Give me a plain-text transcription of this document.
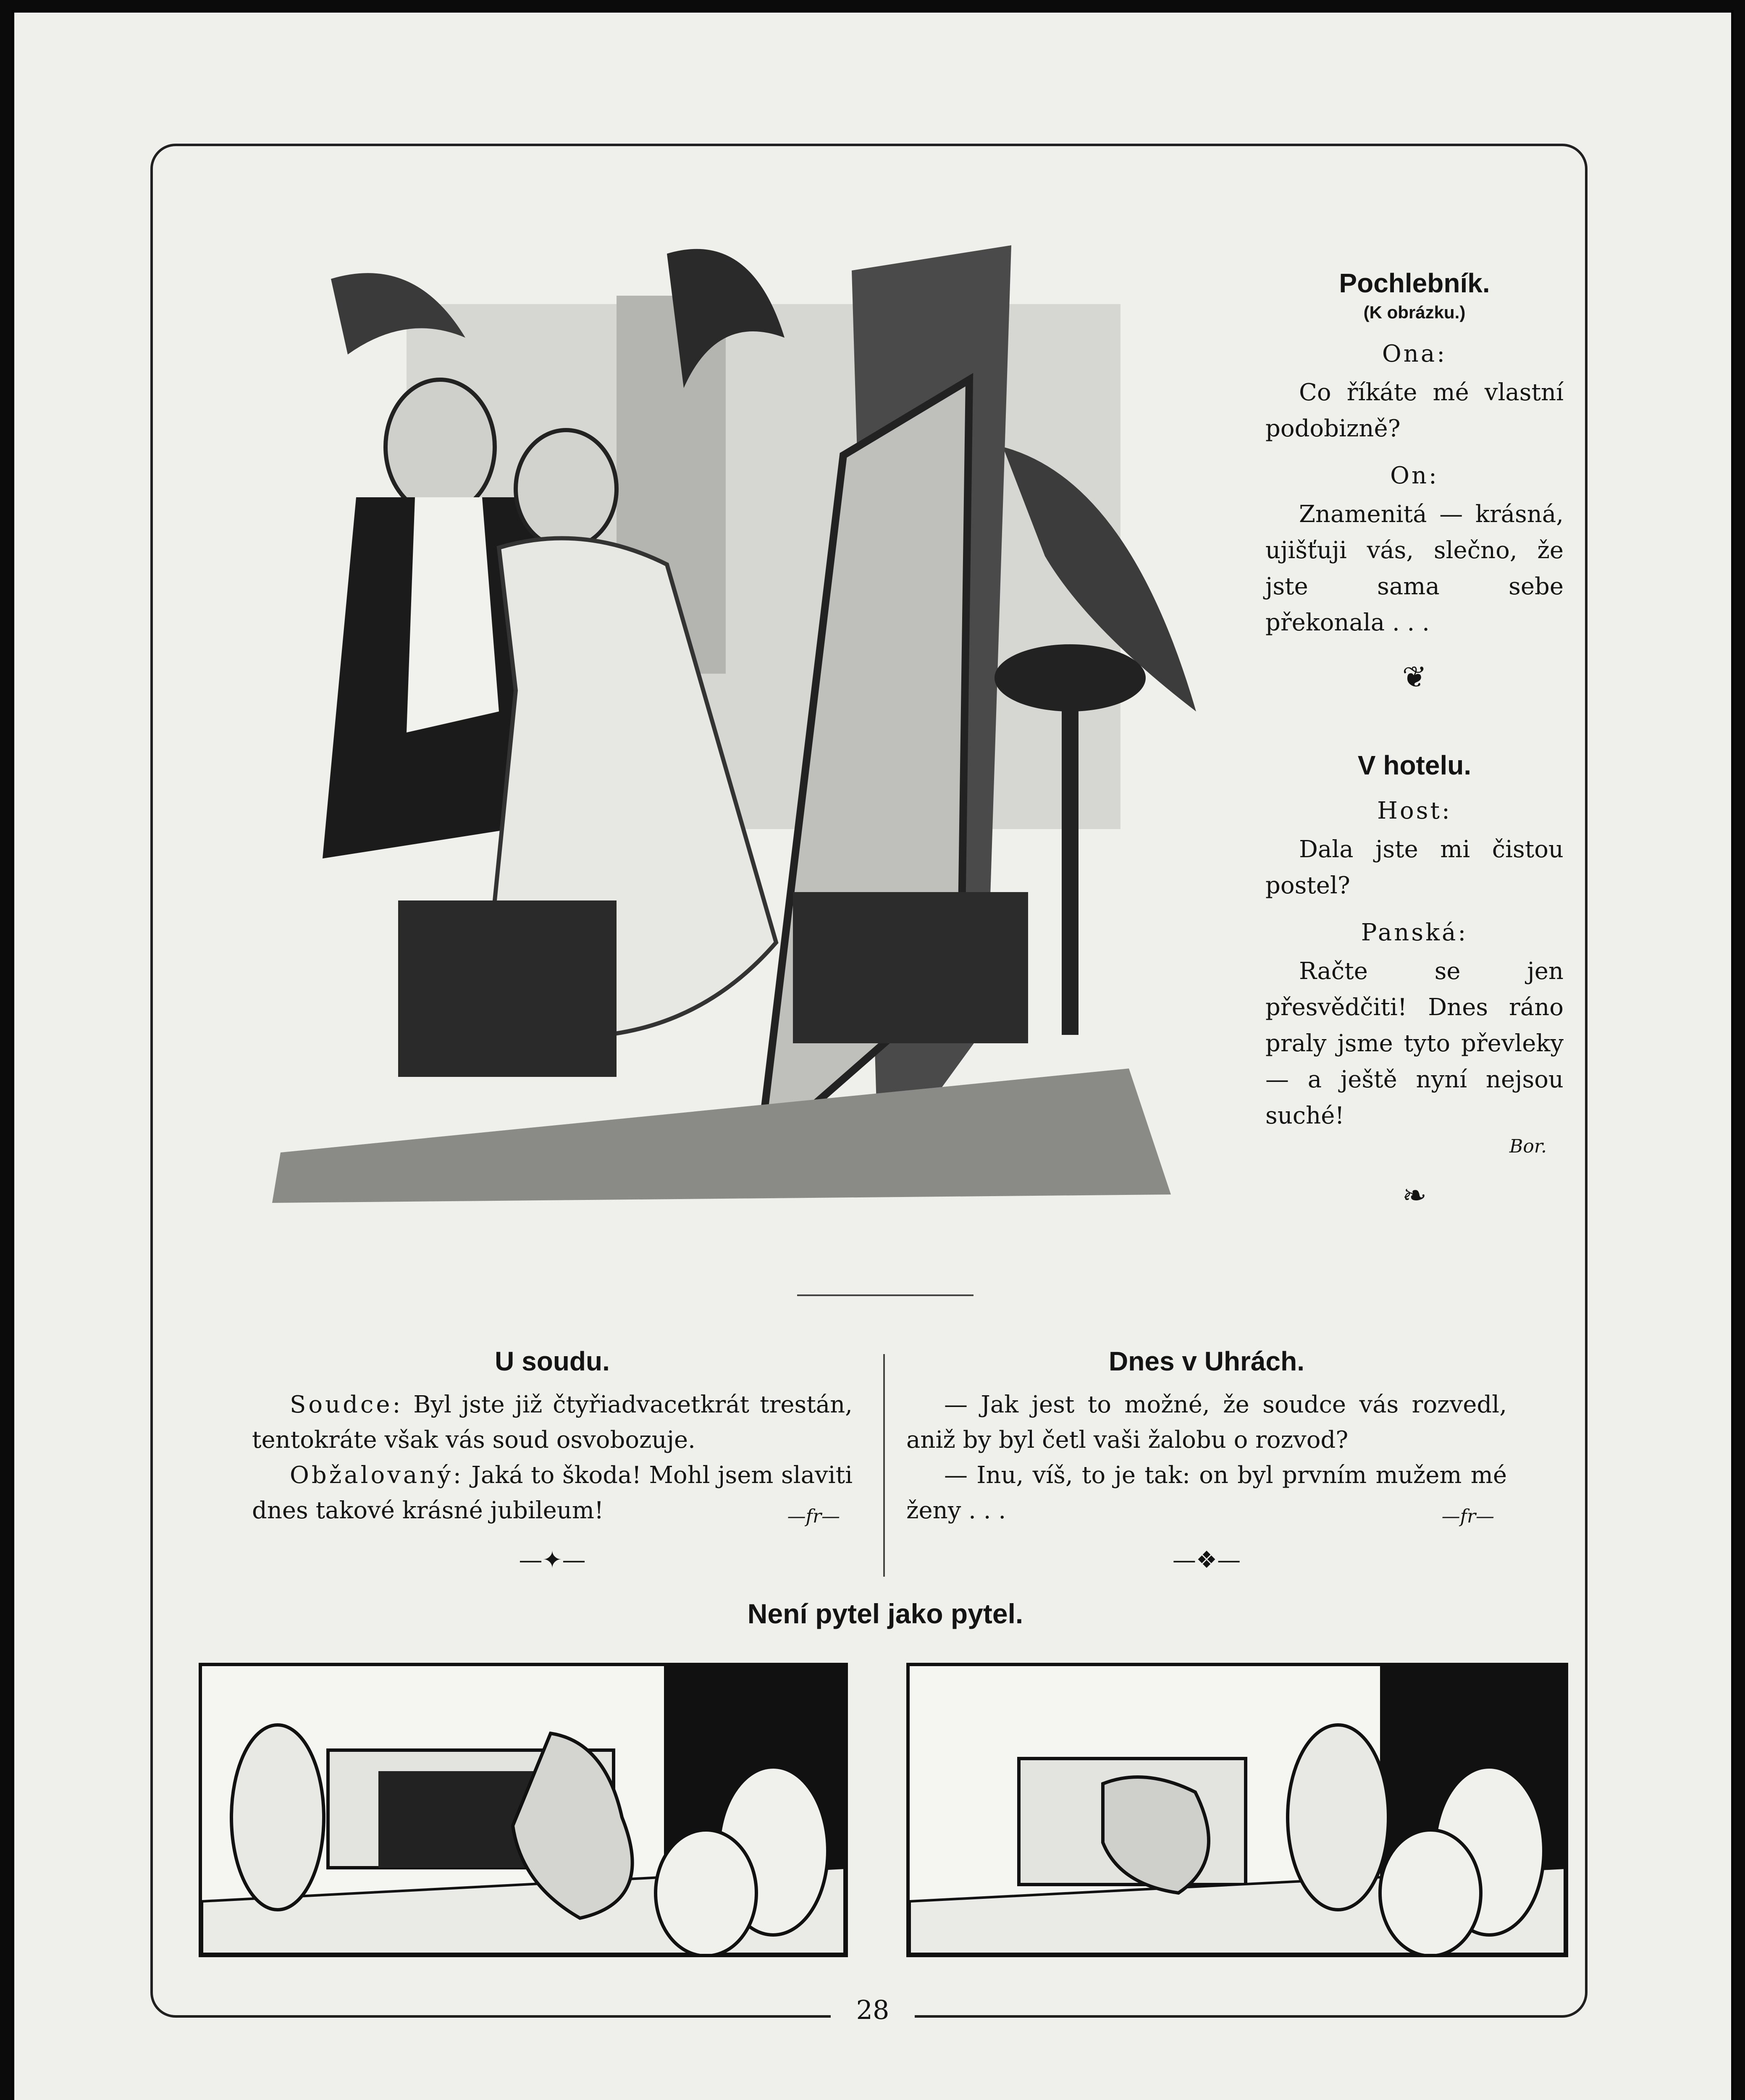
Pochlebník.
(K obrázku.)
Ona:

Co říkáte mé vlastní podobizně?

On:

Znamenitá — krásná, ujišťuji vás, slečno, že jste sama sebe překonala . . .

❦
V hotelu.
Host:

Dala jste mi čistou postel?

Panská:

Račte se jen přesvědčiti! Dnes ráno praly jsme tyto převleky — a ještě nyní nejsou suché!

Bor.
❧
U soudu.

Soudce: Byl jste již čtyřiadvacetkrát trestán, tentokráte však vás soud osvobozuje.

Obžalovaný: Jaká to škoda! Mohl jsem slaviti dnes takové krásné jubileum!	—fr—
—✦—
Dnes v Uhrách.

— Jak jest to možné, že soudce vás rozvedl, aniž by byl četl vaši žalobu o rozvod?

— Inu, víš, to je tak: on byl prvním mužem mé ženy . . .	—fr—
—❖—
Není pytel jako pytel.
28
